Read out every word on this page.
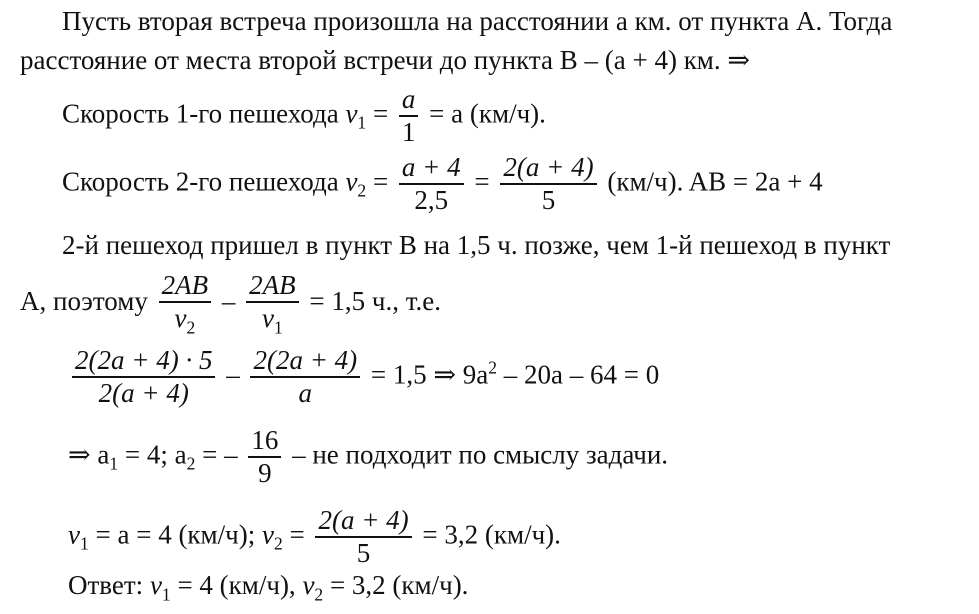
Пусть вторая встреча произошла на расстоянии а км. от пункта А. Тогда
расстояние от места второй встречи до пункта В – (а + 4) км. ⇒
Скорость 1-го пешехода $v_1 = \frac{a}{1} = a$ (км/ч).
Скорость 2-го пешехода $v_2 = \frac{a + 4}{2,5} = \frac{2(a + 4)}{5} (км/ч)$. AB = 2a + 4
2-й пешеход пришел в пункт В на 1,5 ч. позже, чем 1-й пешеход в пункт
А, поэтому $\frac{2AB}{v_2} - \frac{2AB}{v_1} = 1,5$ ч., т.е.
$\frac{2(2a + 4) \cdot 5}{2(a + 4)} - \frac{2(2a + 4)}{a} = 1,5$ ⇒ $9a^2 - 20a - 64 = 0$
⇒ $a_1 = 4$; $a_2$ = – $\frac{16}{9}$ – не подходит по смыслу задачи.
$v_1 = a = 4$ (км/ч); $v_2 = \frac{2(a + 4)}{5} = 3,2$ (км/ч).
Ответ: $v_1 = 4$ (км/ч), $v_2 = 3,2$ (км/ч).
